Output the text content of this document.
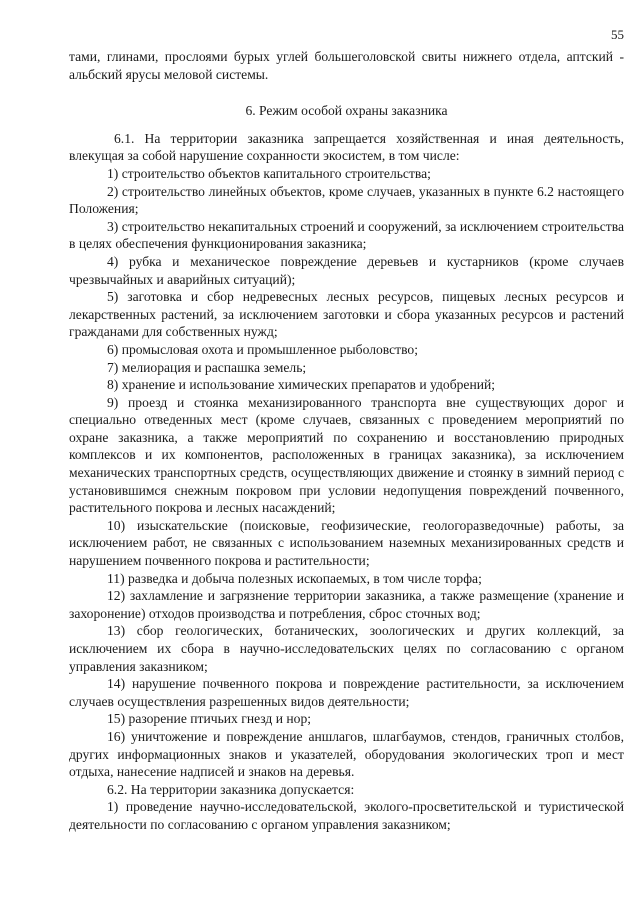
55

тами, глинами, прослоями бурых углей большеголовской свиты нижнего отдела, аптский - альбский ярусы меловой системы.

6. Режим особой охраны заказника

6.1. На территории заказника запрещается хозяйственная и иная деятельность, влекущая за собой нарушение сохранности экосистем, в том числе:

1) строительство объектов капитального строительства;

2) строительство линейных объектов, кроме случаев, указанных в пункте 6.2 настоящего Положения;

3) строительство некапитальных строений и сооружений, за исключением строительства в целях обеспечения функционирования заказника;

4) рубка и механическое повреждение деревьев и кустарников (кроме случаев чрезвычайных и аварийных ситуаций);

5) заготовка и сбор недревесных лесных ресурсов, пищевых лесных ресурсов и лекарственных растений, за исключением заготовки и сбора указанных ресурсов и растений гражданами для собственных нужд;

6) промысловая охота и промышленное рыболовство;

7) мелиорация и распашка земель;

8) хранение и использование химических препаратов и удобрений;

9) проезд и стоянка механизированного транспорта вне существующих дорог и специально отведенных мест (кроме случаев, связанных с проведением мероприятий по охране заказника, а также мероприятий по сохранению и восстановлению природных комплексов и их компонентов, расположенных в границах заказника), за исключением механических транспортных средств, осуществляющих движение и стоянку в зимний период с установившимся снежным покровом при условии недопущения повреждений почвенного, растительного покрова и лесных насаждений;

10) изыскательские (поисковые, геофизические, геологоразведочные) работы, за исключением работ, не связанных с использованием наземных механизированных средств и нарушением почвенного покрова и растительности;

11) разведка и добыча полезных ископаемых, в том числе торфа;

12) захламление и загрязнение территории заказника, а также размещение (хранение и захоронение) отходов производства и потребления, сброс сточных вод;

13) сбор геологических, ботанических, зоологических и других коллекций, за исключением их сбора в научно-исследовательских целях по согласованию с органом управления заказником;

14) нарушение почвенного покрова и повреждение растительности, за исключением случаев осуществления разрешенных видов деятельности;

15) разорение птичьих гнезд и нор;

16) уничтожение и повреждение аншлагов, шлагбаумов, стендов, граничных столбов, других информационных знаков и указателей, оборудования экологических троп и мест отдыха, нанесение надписей и знаков на деревья.

6.2. На территории заказника допускается:

1) проведение научно-исследовательской, эколого-просветительской и туристической деятельности по согласованию с органом управления заказником;
